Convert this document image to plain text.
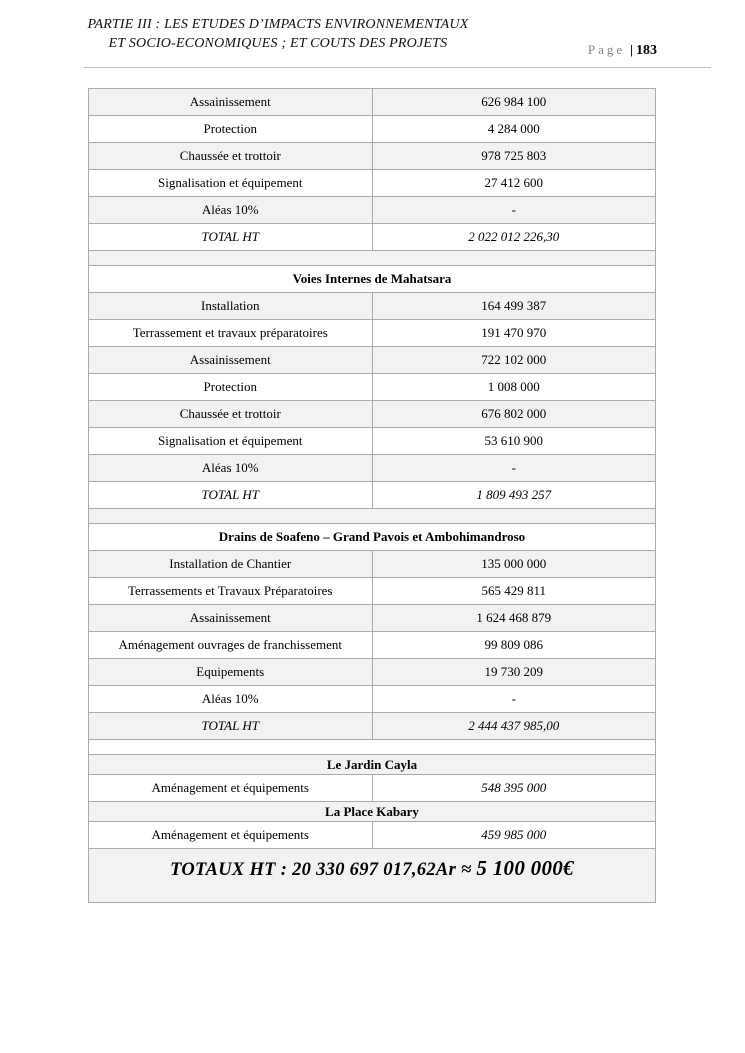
PARTIE III : LES ETUDES D’IMPACTS ENVIRONNEMENTAUX
ET SOCIO-ECONOMIQUES ; ET COUTS DES PROJETS	Page | 183
Assainissement	626 984 100
Protection	4 284 000
Chaussée et trottoir	978 725 803
Signalisation et équipement	27 412 600
Aléas 10%	-
TOTAL HT	2 022 012 226,30

Voies Internes de Mahatsara	
Installation	164 499 387
Terrassement et travaux préparatoires	191 470 970
Assainissement	722 102 000
Protection	1 008 000
Chaussée et trottoir	676 802 000
Signalisation et équipement	53 610 900
Aléas 10%	-
TOTAL HT	1 809 493 257

Drains de Soafeno – Grand Pavois et Ambohimandroso	
Installation de Chantier	135 000 000
Terrassements et Travaux Préparatoires	565 429 811
Assainissement	1 624 468 879
Aménagement ouvrages de franchissement	99 809 086
Equipements	19 730 209
Aléas 10%	-
TOTAL HT	2 444 437 985,00

Le Jardin Cayla	
Aménagement et équipements	548 395 000
La Place Kabary	
Aménagement et équipements	459 985 000
TOTAUX HT : 20 330 697 017,62Ar ≈ 5 100 000€	
